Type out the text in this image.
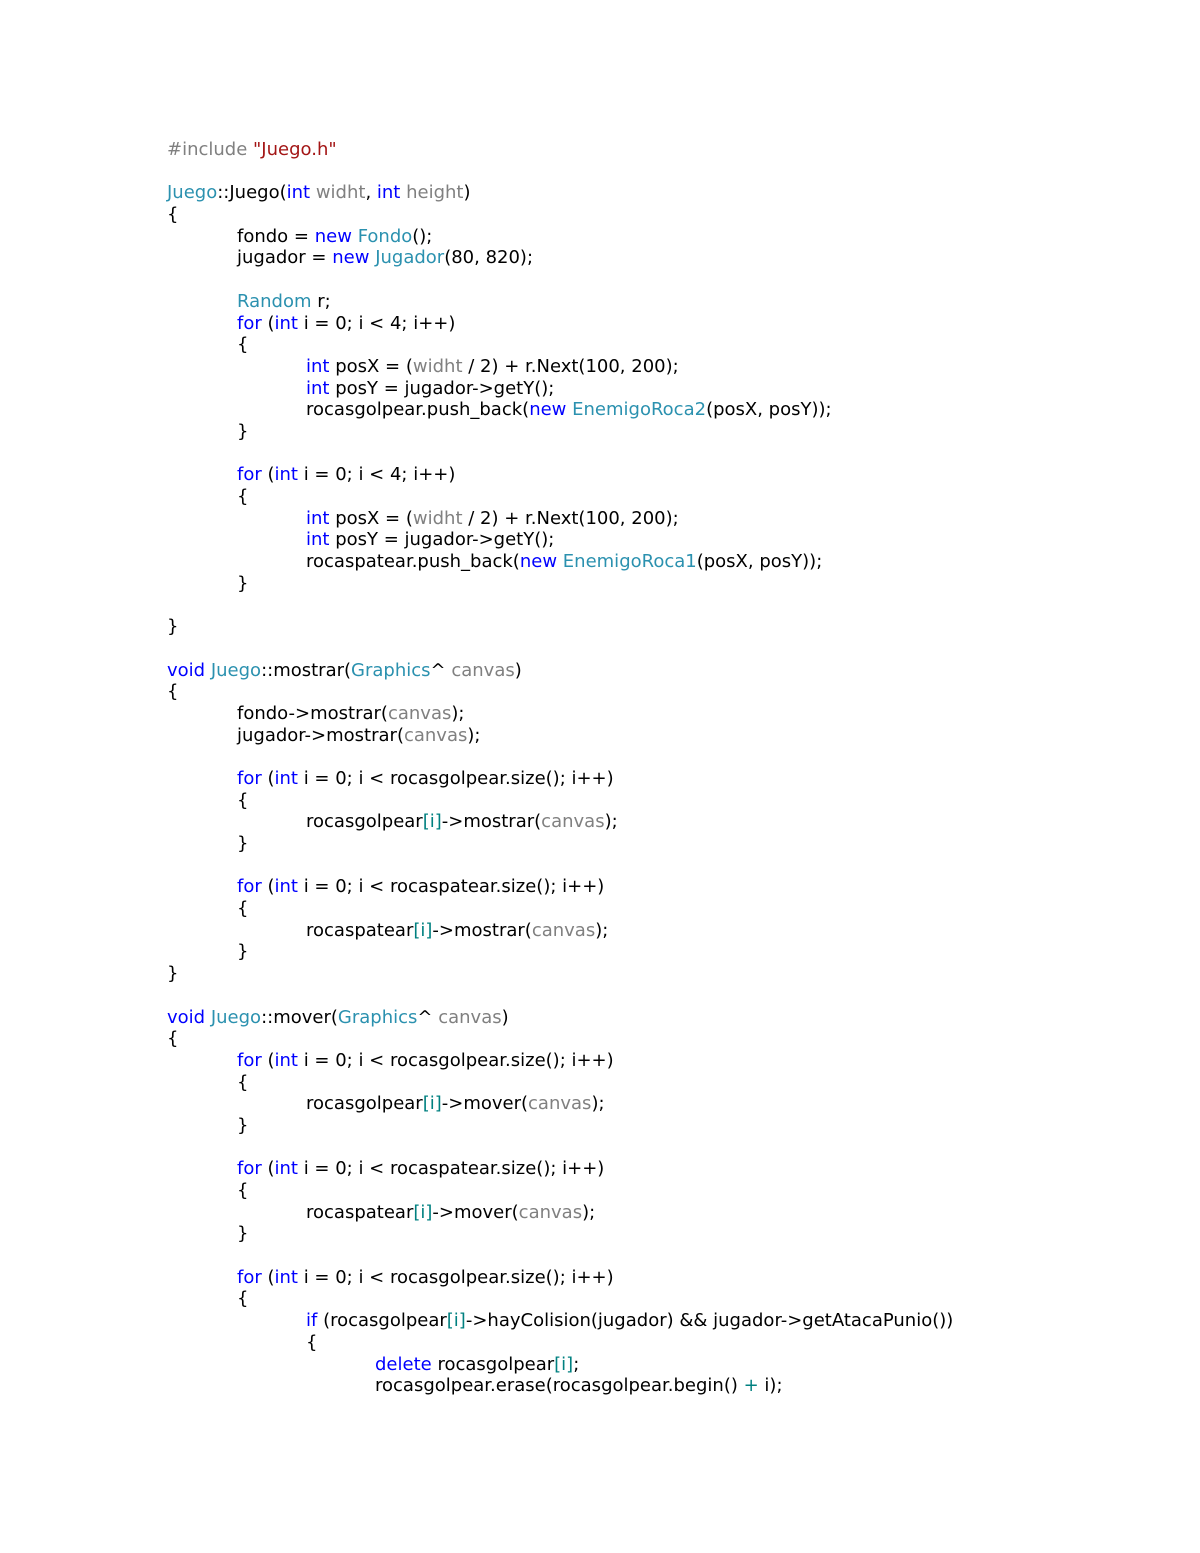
#include "Juego.h"

Juego::Juego(int widht, int height)
{
fondo = new Fondo();
jugador = new Jugador(80, 820);

Random r;
for (int i = 0; i < 4; i++)
{
int posX = (widht / 2) + r.Next(100, 200);
int posY = jugador->getY();
rocasgolpear.push_back(new EnemigoRoca2(posX, posY));
}

for (int i = 0; i < 4; i++)
{
int posX = (widht / 2) + r.Next(100, 200);
int posY = jugador->getY();
rocaspatear.push_back(new EnemigoRoca1(posX, posY));
}

}

void Juego::mostrar(Graphics^ canvas)
{
fondo->mostrar(canvas);
jugador->mostrar(canvas);

for (int i = 0; i < rocasgolpear.size(); i++)
{
rocasgolpear[i]->mostrar(canvas);
}

for (int i = 0; i < rocaspatear.size(); i++)
{
rocaspatear[i]->mostrar(canvas);
}
}

void Juego::mover(Graphics^ canvas)
{
for (int i = 0; i < rocasgolpear.size(); i++)
{
rocasgolpear[i]->mover(canvas);
}

for (int i = 0; i < rocaspatear.size(); i++)
{
rocaspatear[i]->mover(canvas);
}

for (int i = 0; i < rocasgolpear.size(); i++)
{
if (rocasgolpear[i]->hayColision(jugador) && jugador->getAtacaPunio())
{
delete rocasgolpear[i];
rocasgolpear.erase(rocasgolpear.begin() + i);
